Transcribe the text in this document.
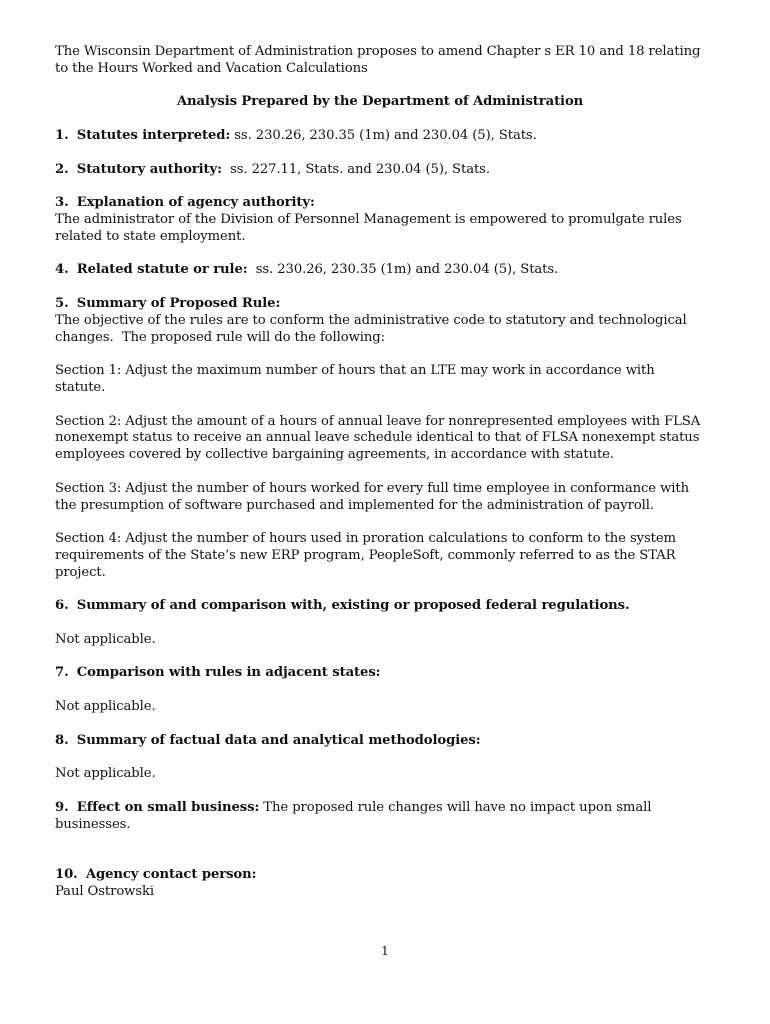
The Wisconsin Department of Administration proposes to amend Chapter s ER 10 and 18 relating to the Hours Worked and Vacation Calculations

Analysis Prepared by the Department of Administration

1. Statutes interpreted: ss. 230.26, 230.35 (1m) and 230.04 (5), Stats.

2. Statutory authority:  ss. 227.11, Stats. and 230.04 (5), Stats.

3. Explanation of agency authority:

The administrator of the Division of Personnel Management is empowered to promulgate rules related to state employment.

4. Related statute or rule:  ss. 230.26, 230.35 (1m) and 230.04 (5), Stats.

5. Summary of Proposed Rule:

The objective of the rules are to conform the administrative code to statutory and technological changes.  The proposed rule will do the following:

Section 1: Adjust the maximum number of hours that an LTE may work in accordance with statute.

Section 2: Adjust the amount of a hours of annual leave for nonrepresented employees with FLSA nonexempt status to receive an annual leave schedule identical to that of FLSA nonexempt status employees covered by collective bargaining agreements, in accordance with statute.

Section 3: Adjust the number of hours worked for every full time employee in conformance with the presumption of software purchased and implemented for the administration of payroll.

Section 4: Adjust the number of hours used in proration calculations to conform to the system requirements of the State’s new ERP program, PeopleSoft, commonly referred to as the STAR project.

6. Summary of and comparison with, existing or proposed federal regulations.

Not applicable.

7. Comparison with rules in adjacent states:

Not applicable.

8. Summary of factual data and analytical methodologies:

Not applicable.

9. Effect on small business: The proposed rule changes will have no impact upon small businesses.

10. Agency contact person:

Paul Ostrowski

1
